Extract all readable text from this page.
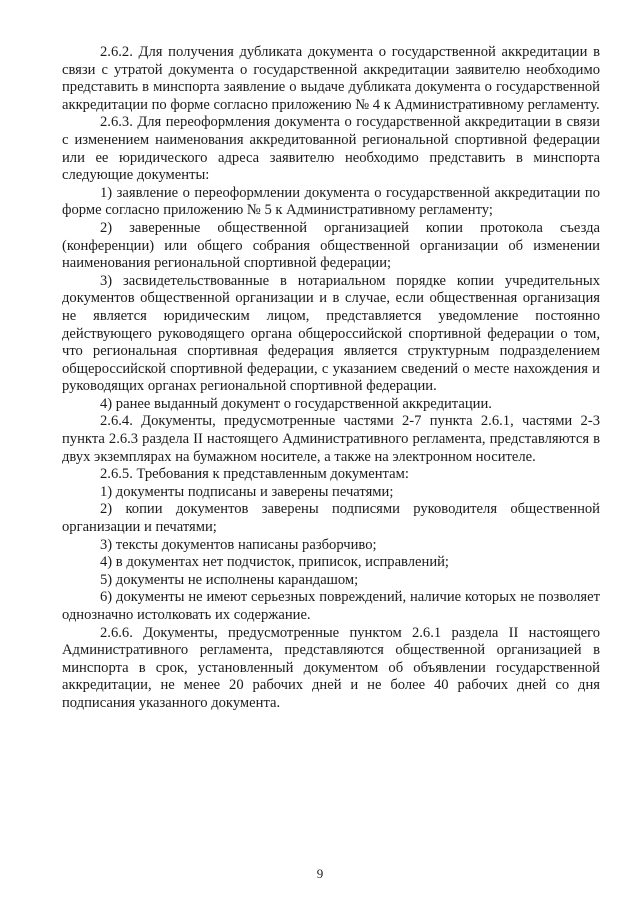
2.6.2. Для получения дубликата документа о государственной аккредитации в связи с утратой документа о государственной аккредитации заявителю необходимо представить в минспорта заявление о выдаче дубликата документа о государственной аккредитации по форме согласно приложению № 4 к Административному регламенту.

2.6.3. Для переоформления документа о государственной аккредитации в связи с изменением наименования аккредитованной региональной спортивной федерации или ее юридического адреса заявителю необходимо представить в минспорта следующие документы:

1) заявление о переоформлении документа о государственной аккредитации по форме согласно приложению № 5 к Административному регламенту;

2) заверенные общественной организацией копии протокола съезда (конференции) или общего собрания общественной организации об изменении наименования региональной спортивной федерации;

3) засвидетельствованные в нотариальном порядке копии учредительных документов общественной организации и в случае, если общественная организация не является юридическим лицом, представляется уведомление постоянно действующего руководящего органа общероссийской спортивной федерации о том, что региональная спортивная федерация является структурным подразделением общероссийской спортивной федерации, с указанием сведений о месте нахождения и руководящих органах региональной спортивной федерации.

4) ранее выданный документ о государственной аккредитации.

2.6.4. Документы, предусмотренные частями 2-7 пункта 2.6.1, частями 2-3 пункта 2.6.3 раздела II настоящего Административного регламента, представляются в двух экземплярах на бумажном носителе, а также на электронном носителе.

2.6.5. Требования к представленным документам:

1) документы подписаны и заверены печатями;

2) копии документов заверены подписями руководителя общественной организации и печатями;

3) тексты документов написаны разборчиво;

4) в документах нет подчисток, приписок, исправлений;

5) документы не исполнены карандашом;

6) документы не имеют серьезных повреждений, наличие которых не позволяет однозначно истолковать их содержание.

2.6.6. Документы, предусмотренные пунктом 2.6.1 раздела II настоящего Административного регламента, представляются общественной организацией в минспорта в срок, установленный документом об объявлении государственной аккредитации, не менее 20 рабочих дней и не более 40 рабочих дней со дня подписания указанного документа.

9
